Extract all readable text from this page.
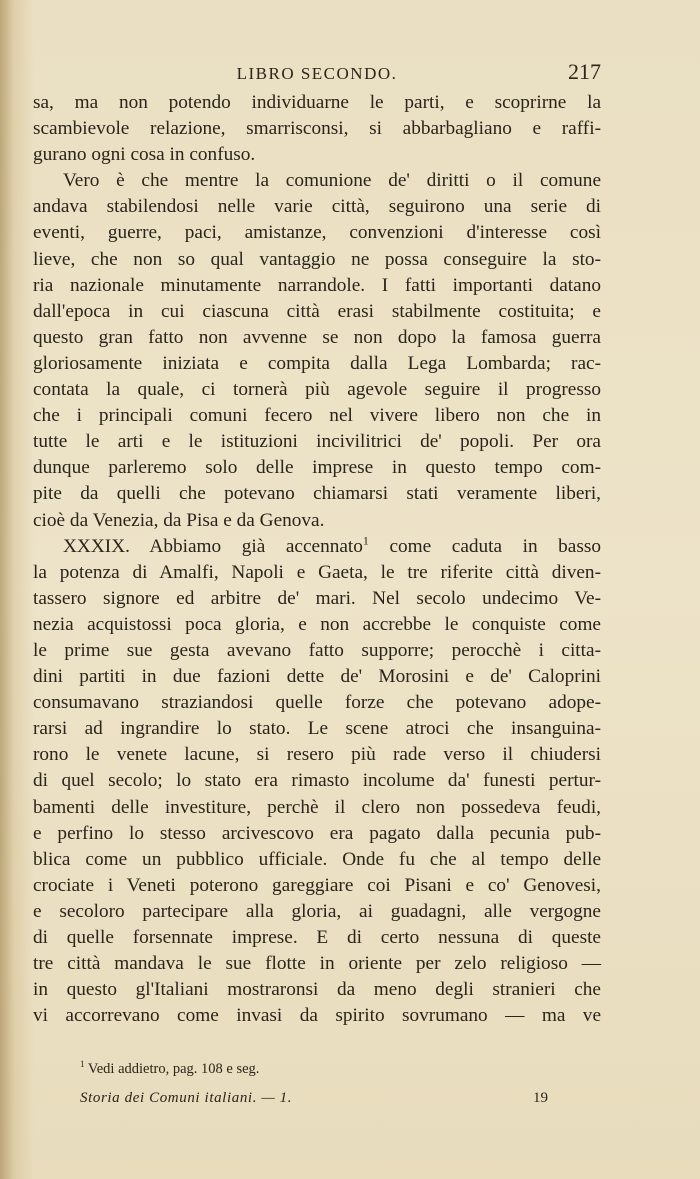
LIBRO SECONDO.	217
sa, ma non potendo individuarne le parti, e scoprirne la
scambievole relazione, smarrisconsi, si abbarbagliano e raffi-
gurano ogni cosa in confuso.
Vero è che mentre la comunione de' diritti o il comune
andava stabilendosi nelle varie città, seguirono una serie di
eventi, guerre, paci, amistanze, convenzioni d'interesse così
lieve, che non so qual vantaggio ne possa conseguire la sto-
ria nazionale minutamente narrandole. I fatti importanti datano
dall'epoca in cui ciascuna città erasi stabilmente costituita; e
questo gran fatto non avvenne se non dopo la famosa guerra
gloriosamente iniziata e compita dalla Lega Lombarda; rac-
contata la quale, ci tornerà più agevole seguire il progresso
che i principali comuni fecero nel vivere libero non che in
tutte le arti e le istituzioni incivilitrici de' popoli. Per ora
dunque parleremo solo delle imprese in questo tempo com-
pite da quelli che potevano chiamarsi stati veramente liberi,
cioè da Venezia, da Pisa e da Genova.
XXXIX. Abbiamo già accennato$^1$ come caduta in basso
la potenza di Amalfi, Napoli e Gaeta, le tre riferite città diven-
tassero signore ed arbitre de' mari. Nel secolo undecimo Ve-
nezia acquistossi poca gloria, e non accrebbe le conquiste come
le prime sue gesta avevano fatto supporre; perocchè i citta-
dini partiti in due fazioni dette de' Morosini e de' Caloprini
consumavano straziandosi quelle forze che potevano adope-
rarsi ad ingrandire lo stato. Le scene atroci che insanguina-
rono le venete lacune, si resero più rade verso il chiudersi
di quel secolo; lo stato era rimasto incolume da' funesti pertur-
bamenti delle investiture, perchè il clero non possedeva feudi,
e perfino lo stesso arcivescovo era pagato dalla pecunia pub-
blica come un pubblico ufficiale. Onde fu che al tempo delle
crociate i Veneti poterono gareggiare coi Pisani e co' Genovesi,
e secoloro partecipare alla gloria, ai guadagni, alle vergogne
di quelle forsennate imprese. E di certo nessuna di queste
tre città mandava le sue flotte in oriente per zelo religioso —
in questo gl'Italiani mostraronsi da meno degli stranieri che
vi accorrevano come invasi da spirito sovrumano — ma ve
$^1$ Vedi addietro, pag. 108 e seg.
Storia dei Comuni italiani. — 1.	19
